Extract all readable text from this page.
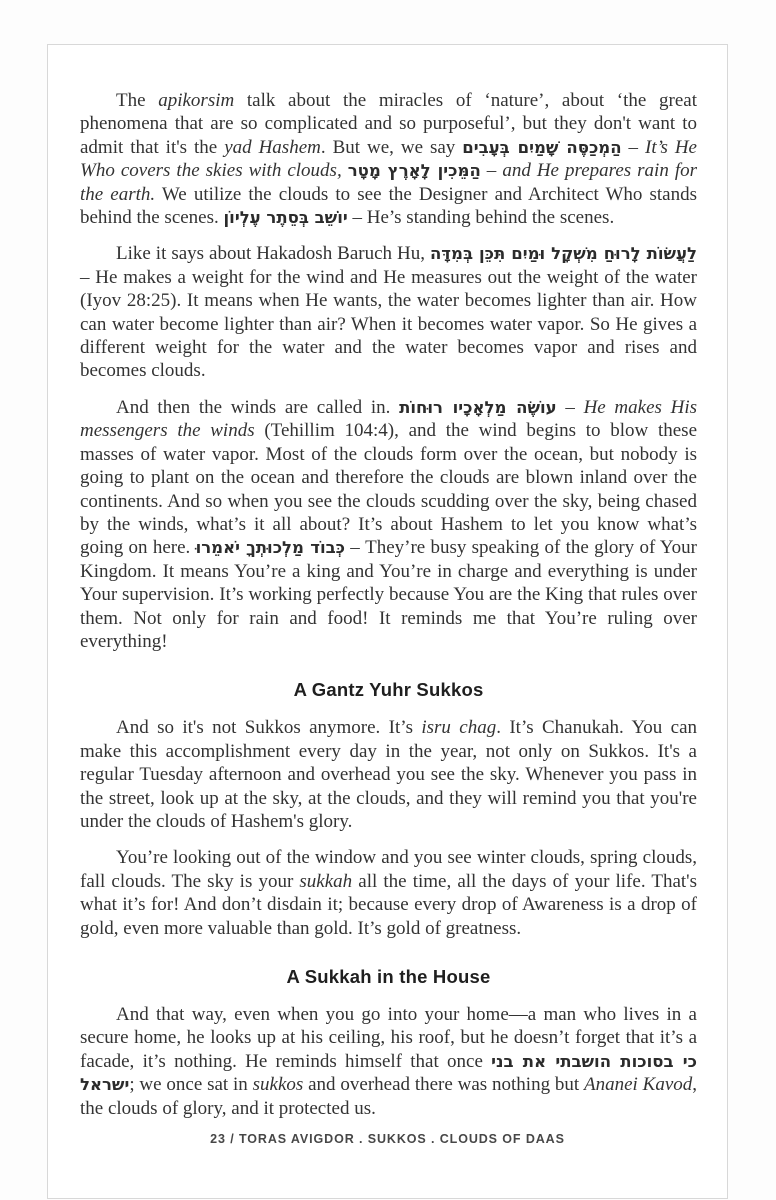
The apikorsim talk about the miracles of ‘nature’, about ‘the great phenomena that are so complicated and so purposeful’, but they don't want to admit that it's the yad Hashem. But we, we say הַמְכַסֶּה שָׁמַיִם בְּעָבִים – It’s He Who covers the skies with clouds, הַמֵּכִין לָאָרֶץ מָטָר – and He prepares rain for the earth. We utilize the clouds to see the Designer and Architect Who stands behind the scenes. יוֹשֵׁב בְּסֵתֶר עֶלְיוֹן – He’s standing behind the scenes.

Like it says about Hakadosh Baruch Hu, לַעֲשׂוֹת לָרוּחַ מִשְׁקָל וּמַיִם תִּכֵּן בְּמִדָּה – He makes a weight for the wind and He measures out the weight of the water (Iyov 28:25). It means when He wants, the water becomes lighter than air. How can water become lighter than air? When it becomes water vapor. So He gives a different weight for the water and the water becomes vapor and rises and becomes clouds.

And then the winds are called in. עוֹשֶׂה מַלְאָכָיו רוּחוֹת – He makes His messengers the winds (Tehillim 104:4), and the wind begins to blow these masses of water vapor. Most of the clouds form over the ocean, but nobody is going to plant on the ocean and therefore the clouds are blown inland over the continents. And so when you see the clouds scudding over the sky, being chased by the winds, what’s it all about? It’s about Hashem to let you know what’s going on here. כְּבוֹד מַלְכוּתְךָ יֹאמֵרוּ – They’re busy speaking of the glory of Your Kingdom. It means You’re a king and You’re in charge and everything is under Your supervision. It’s working perfectly because You are the King that rules over them. Not only for rain and food! It reminds me that You’re ruling over everything!

A Gantz Yuhr Sukkos

And so it's not Sukkos anymore. It’s isru chag. It’s Chanukah. You can make this accomplishment every day in the year, not only on Sukkos. It's a regular Tuesday afternoon and overhead you see the sky. Whenever you pass in the street, look up at the sky, at the clouds, and they will remind you that you're under the clouds of Hashem's glory.

You’re looking out of the window and you see winter clouds, spring clouds, fall clouds. The sky is your sukkah all the time, all the days of your life. That's what it’s for! And don’t disdain it; because every drop of Awareness is a drop of gold, even more valuable than gold. It’s gold of greatness.

A Sukkah in the House

And that way, even when you go into your home—a man who lives in a secure home, he looks up at his ceiling, his roof, but he doesn’t forget that it’s a facade, it’s nothing. He reminds himself that once כי בסוכות הושבתי את בני ישראל; we once sat in sukkos and overhead there was nothing but Ananei Kavod, the clouds of glory, and it protected us.

23 / TORAS AVIGDOR . SUKKOS . CLOUDS OF DAAS
